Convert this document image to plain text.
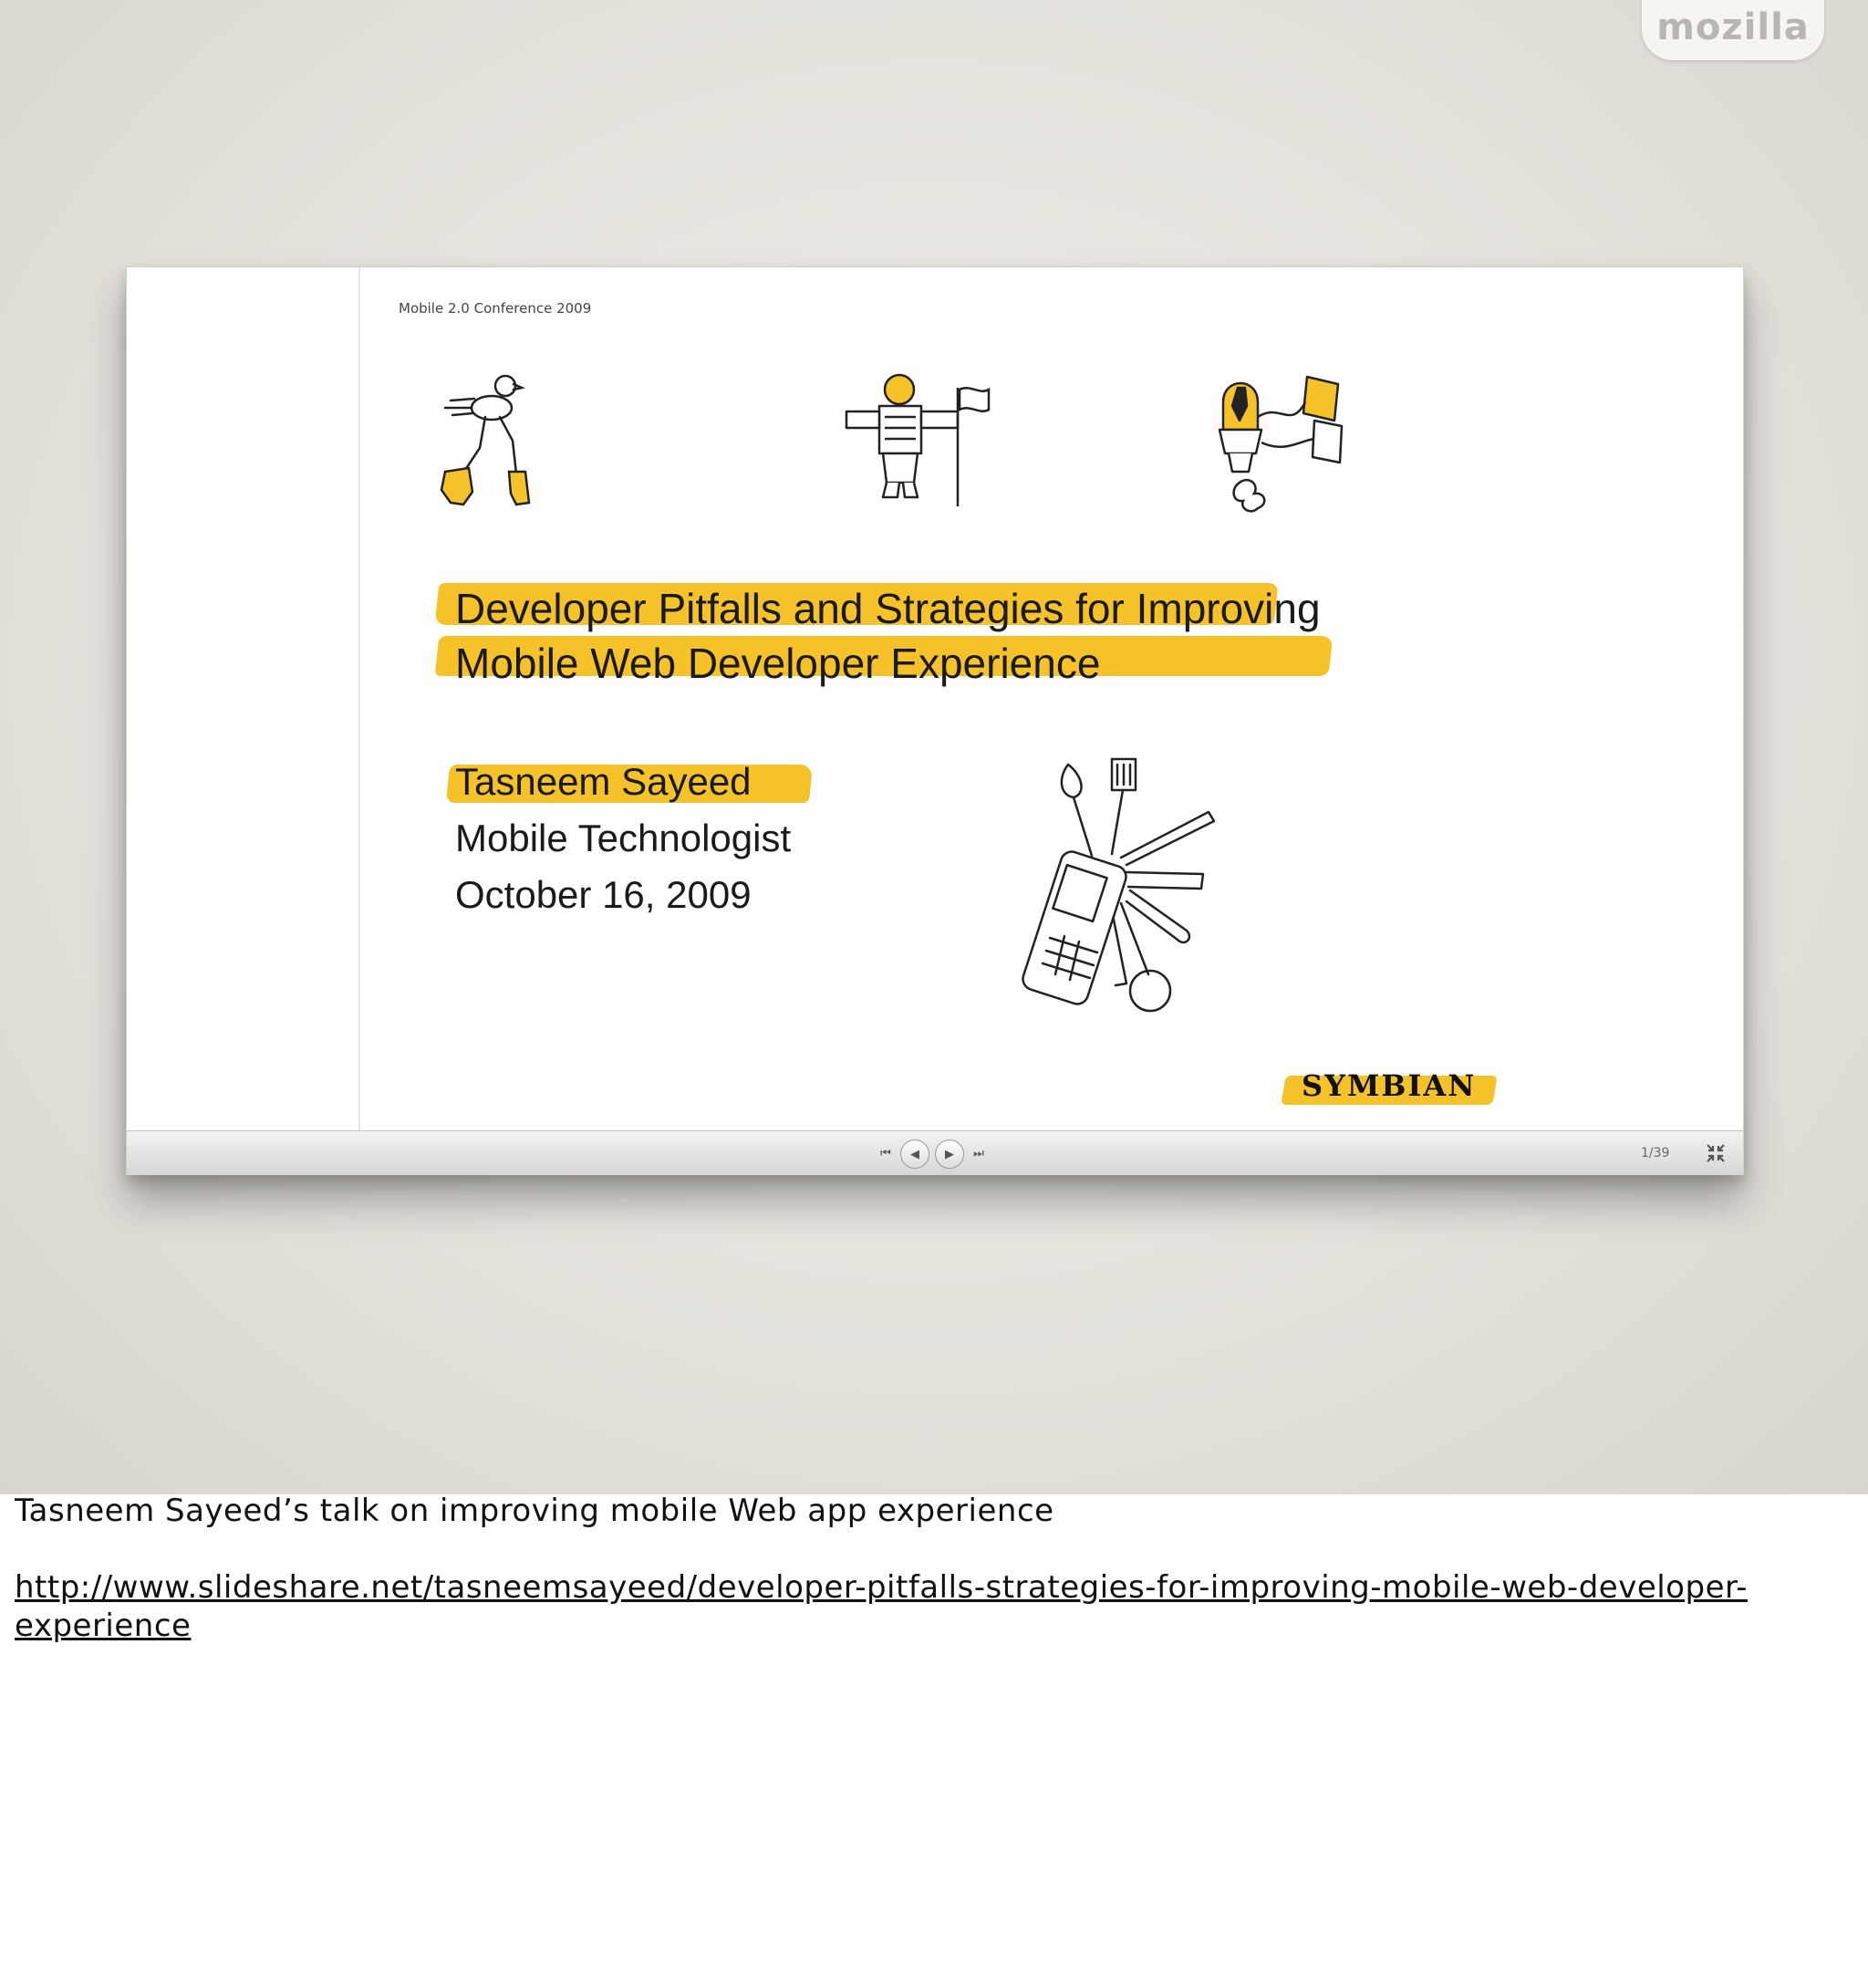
mozilla
Mobile 2.0 Conference 2009
Developer Pitfalls and Strategies for Improving
Mobile Web Developer Experience

Tasneem Sayeed

Mobile Technologist

October 16, 2009

SYMBIAN
⏮ ◀ ▶ ⏭	1/39

Tasneem Sayeed’s talk on improving mobile Web app experience

http://www.slideshare.net/tasneemsayeed/developer-pitfalls-strategies-for-improving-mobile-web-developer-
experience
